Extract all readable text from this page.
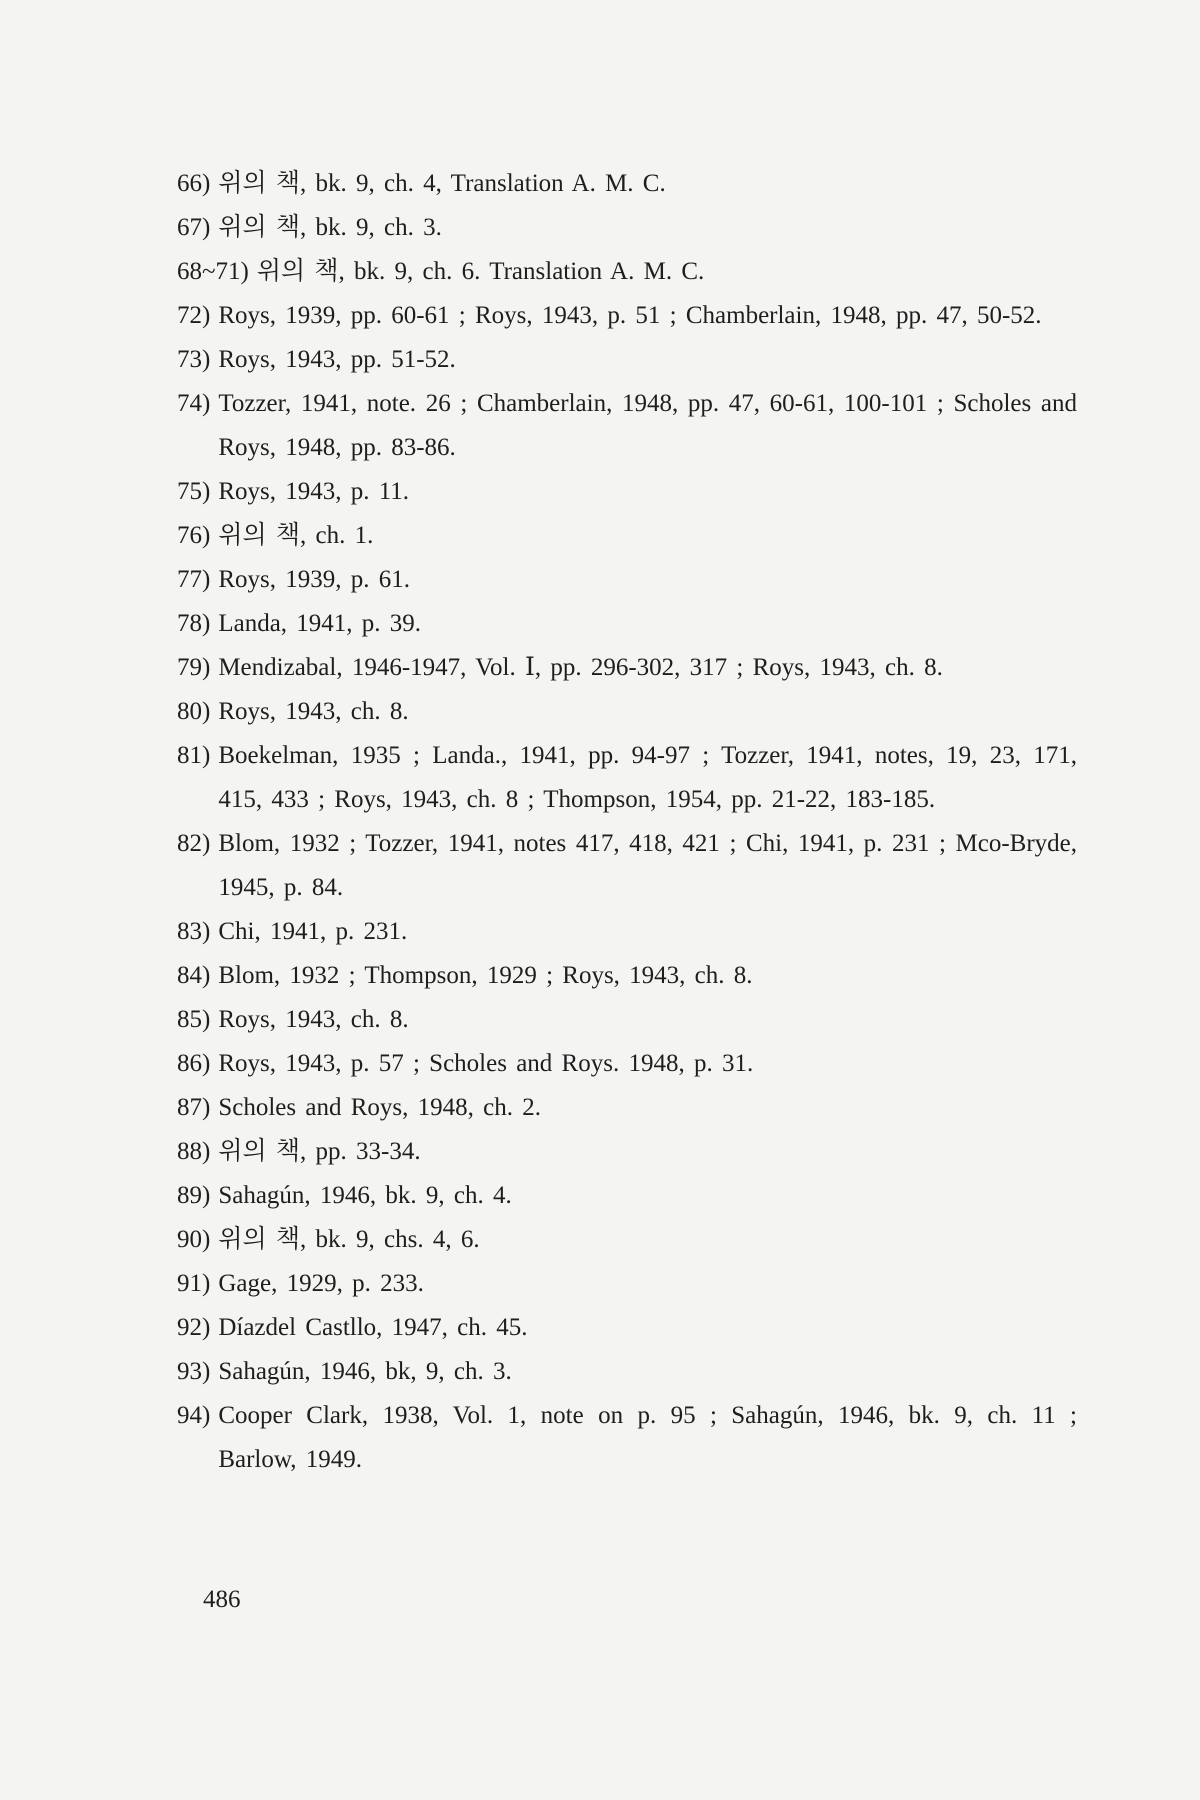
66) 위의 책, bk. 9, ch. 4, Translation A. M. C.
67) 위의 책, bk. 9, ch. 3.
68~71) 위의 책, bk. 9, ch. 6. Translation A. M. C.
72) Roys, 1939, pp. 60-61 ; Roys, 1943, p. 51 ; Chamberlain, 1948, pp. 47, 50-52.
73) Roys, 1943, pp. 51-52.
74) Tozzer, 1941, note. 26 ; Chamberlain, 1948, pp. 47, 60-61, 100-101 ; Scholes and Roys, 1948, pp. 83-86.
75) Roys, 1943, p. 11.
76) 위의 책, ch. 1.
77) Roys, 1939, p. 61.
78) Landa, 1941, p. 39.
79) Mendizabal, 1946-1947, Vol. Ⅰ, pp. 296-302, 317 ; Roys, 1943, ch. 8.
80) Roys, 1943, ch. 8.
81) Boekelman, 1935 ; Landa., 1941, pp. 94-97 ; Tozzer, 1941, notes, 19, 23, 171, 415, 433 ; Roys, 1943, ch. 8 ; Thompson, 1954, pp. 21-22, 183-185.
82) Blom, 1932 ; Tozzer, 1941, notes 417, 418, 421 ; Chi, 1941, p. 231 ; Mco-Bryde, 1945, p. 84.
83) Chi, 1941, p. 231.
84) Blom, 1932 ; Thompson, 1929 ; Roys, 1943, ch. 8.
85) Roys, 1943, ch. 8.
86) Roys, 1943, p. 57 ; Scholes and Roys. 1948, p. 31.
87) Scholes and Roys, 1948, ch. 2.
88) 위의 책, pp. 33-34.
89) Sahagún, 1946, bk. 9, ch. 4.
90) 위의 책, bk. 9, chs. 4, 6.
91) Gage, 1929, p. 233.
92) Díazdel Castllo, 1947, ch. 45.
93) Sahagún, 1946, bk, 9, ch. 3.
94) Cooper Clark, 1938, Vol. 1, note on p. 95 ; Sahagún, 1946, bk. 9, ch. 11 ; Barlow, 1949.

486
